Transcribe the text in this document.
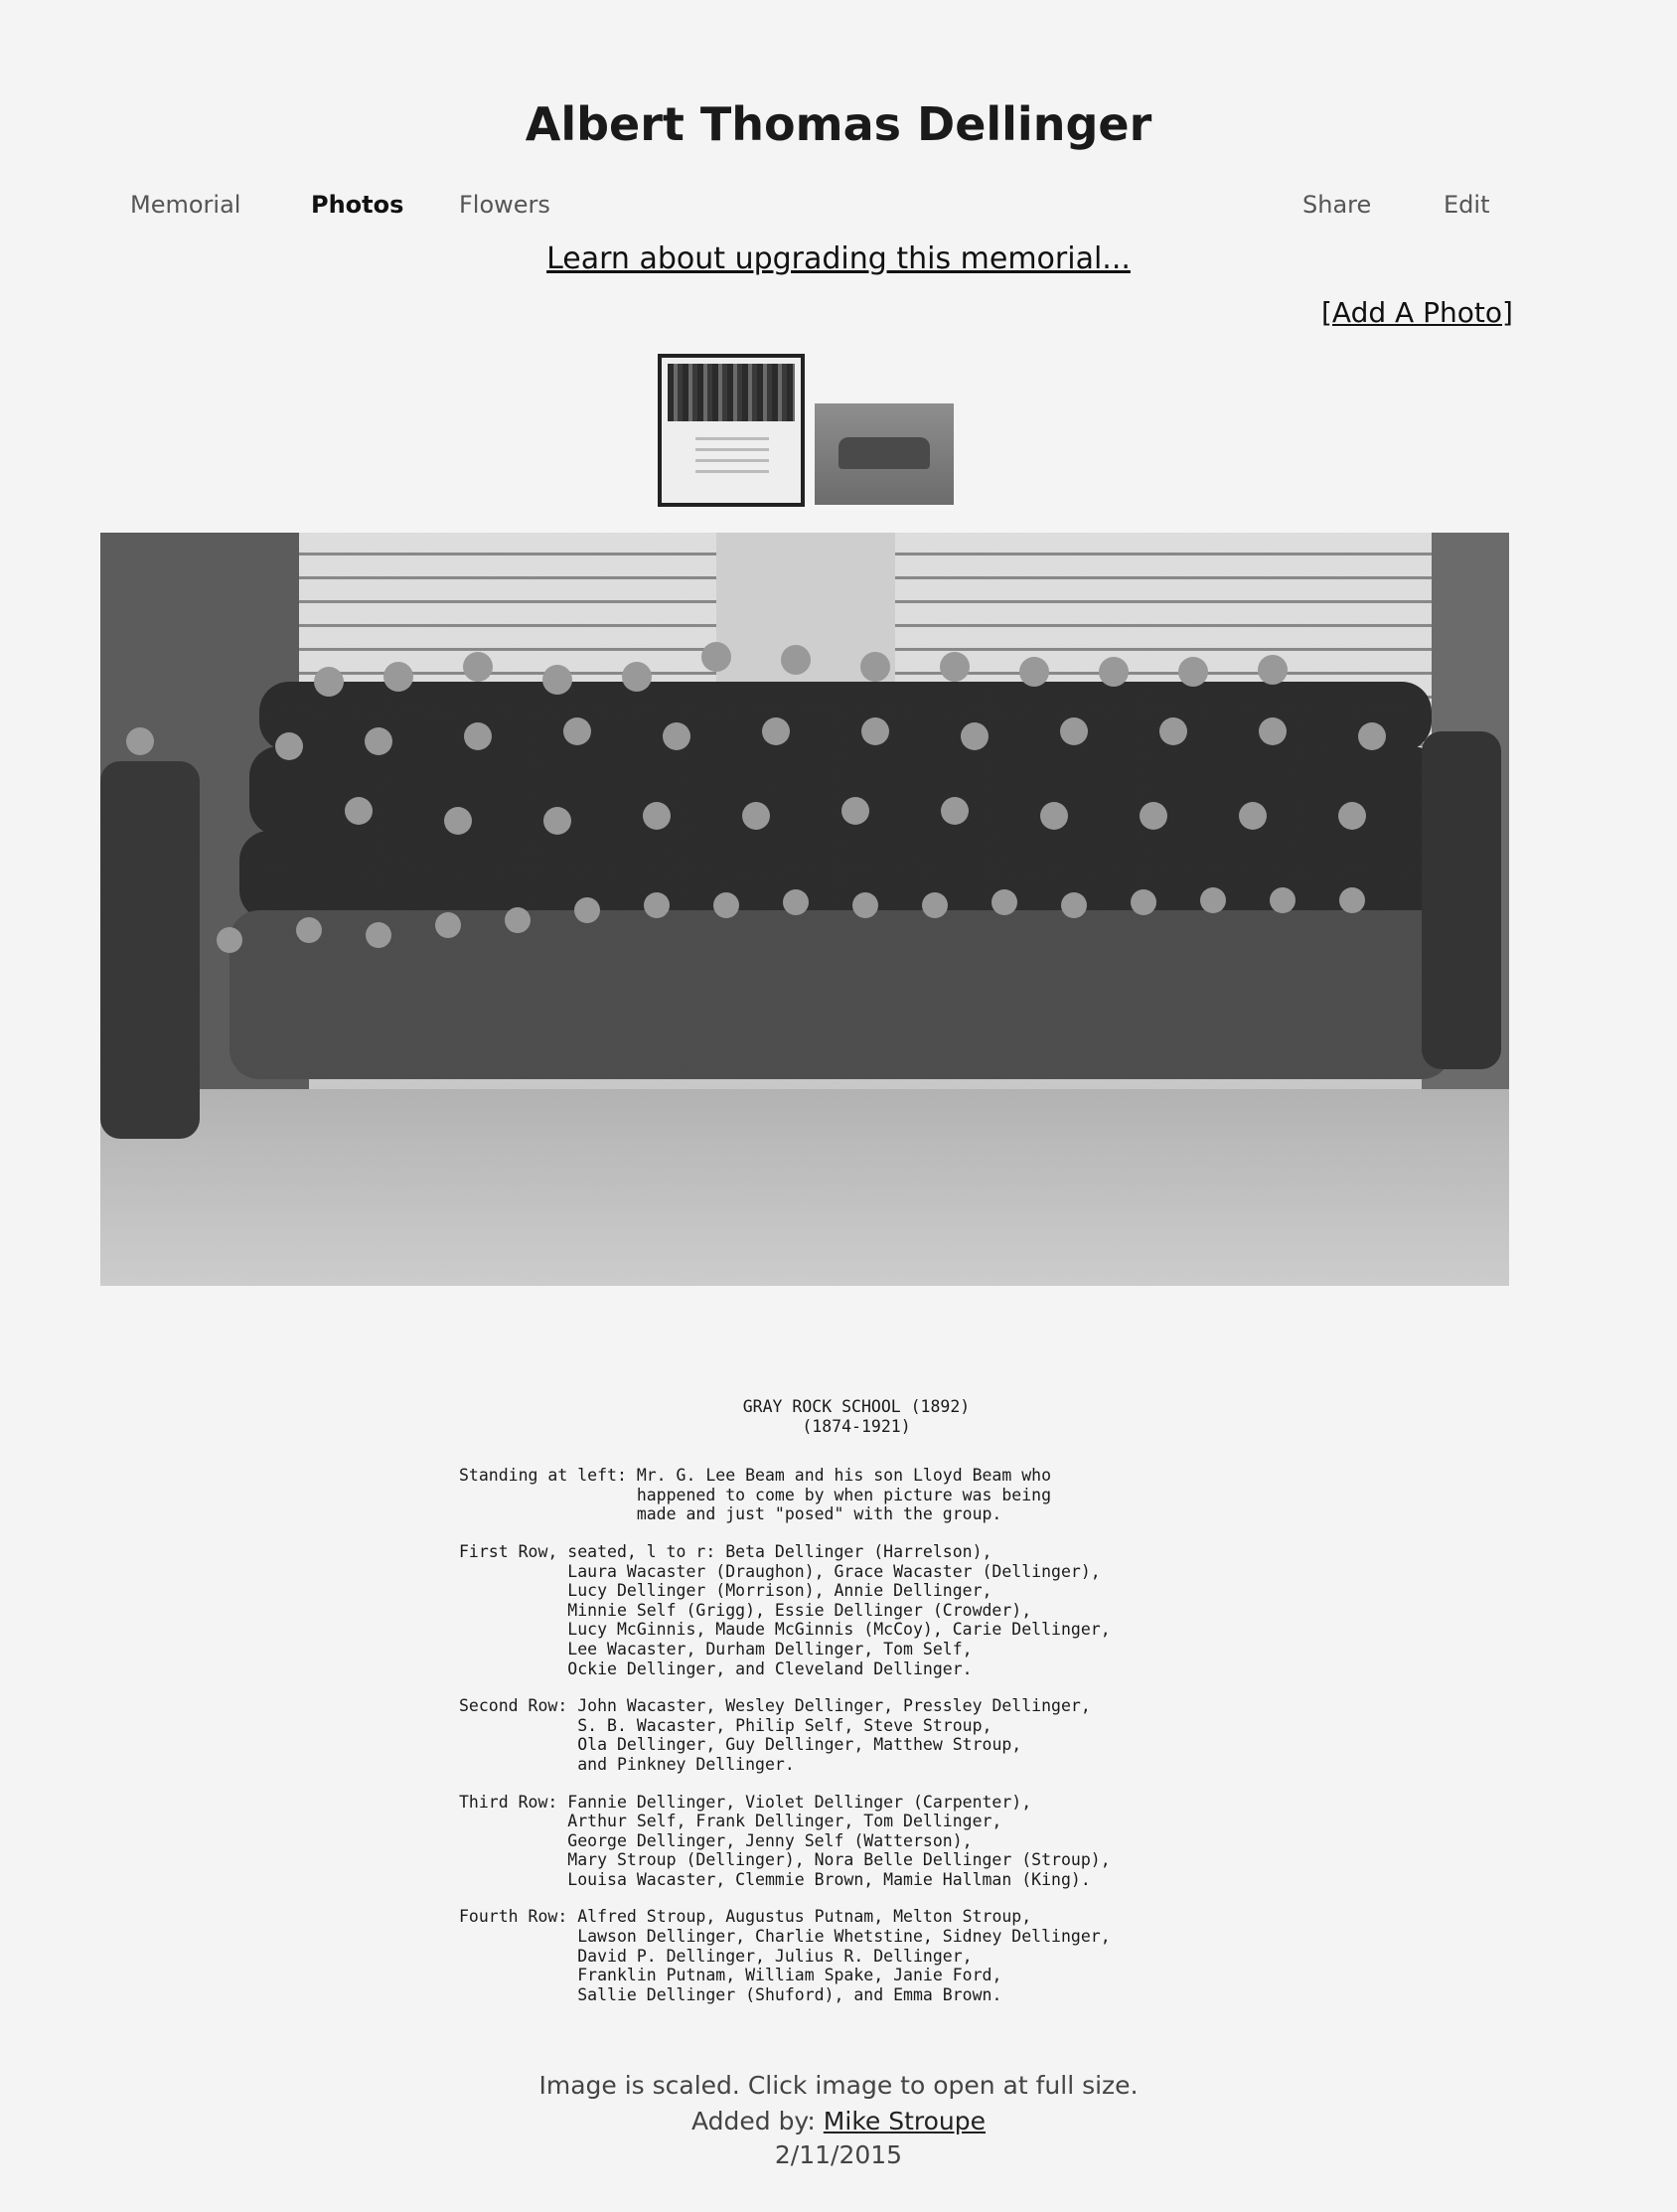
Albert Thomas Dellinger
Memorial	Photos Flowers	Share	Edit
Learn about upgrading this memorial...
[Add A Photo]
GRAY ROCK SCHOOL (1892)
(1874-1921)
Standing at left: Mr. G. Lee Beam and his son Lloyd Beam who
happened to come by when picture was being
made and just "posed" with the group.
First Row, seated, l to r: Beta Dellinger (Harrelson),
Laura Wacaster (Draughon), Grace Wacaster (Dellinger),
Lucy Dellinger (Morrison), Annie Dellinger,
Minnie Self (Grigg), Essie Dellinger (Crowder),
Lucy McGinnis, Maude McGinnis (McCoy), Carie Dellinger,
Lee Wacaster, Durham Dellinger, Tom Self,
Ockie Dellinger, and Cleveland Dellinger.
Second Row: John Wacaster, Wesley Dellinger, Pressley Dellinger,
S. B. Wacaster, Philip Self, Steve Stroup,
Ola Dellinger, Guy Dellinger, Matthew Stroup,
and Pinkney Dellinger.
Third Row: Fannie Dellinger, Violet Dellinger (Carpenter),
Arthur Self, Frank Dellinger, Tom Dellinger,
George Dellinger, Jenny Self (Watterson),
Mary Stroup (Dellinger), Nora Belle Dellinger (Stroup),
Louisa Wacaster, Clemmie Brown, Mamie Hallman (King).
Fourth Row: Alfred Stroup, Augustus Putnam, Melton Stroup,
Lawson Dellinger, Charlie Whetstine, Sidney Dellinger,
David P. Dellinger, Julius R. Dellinger,
Franklin Putnam, William Spake, Janie Ford,
Sallie Dellinger (Shuford), and Emma Brown.
Image is scaled. Click image to open at full size.
Added by: Mike Stroupe
2/11/2015
